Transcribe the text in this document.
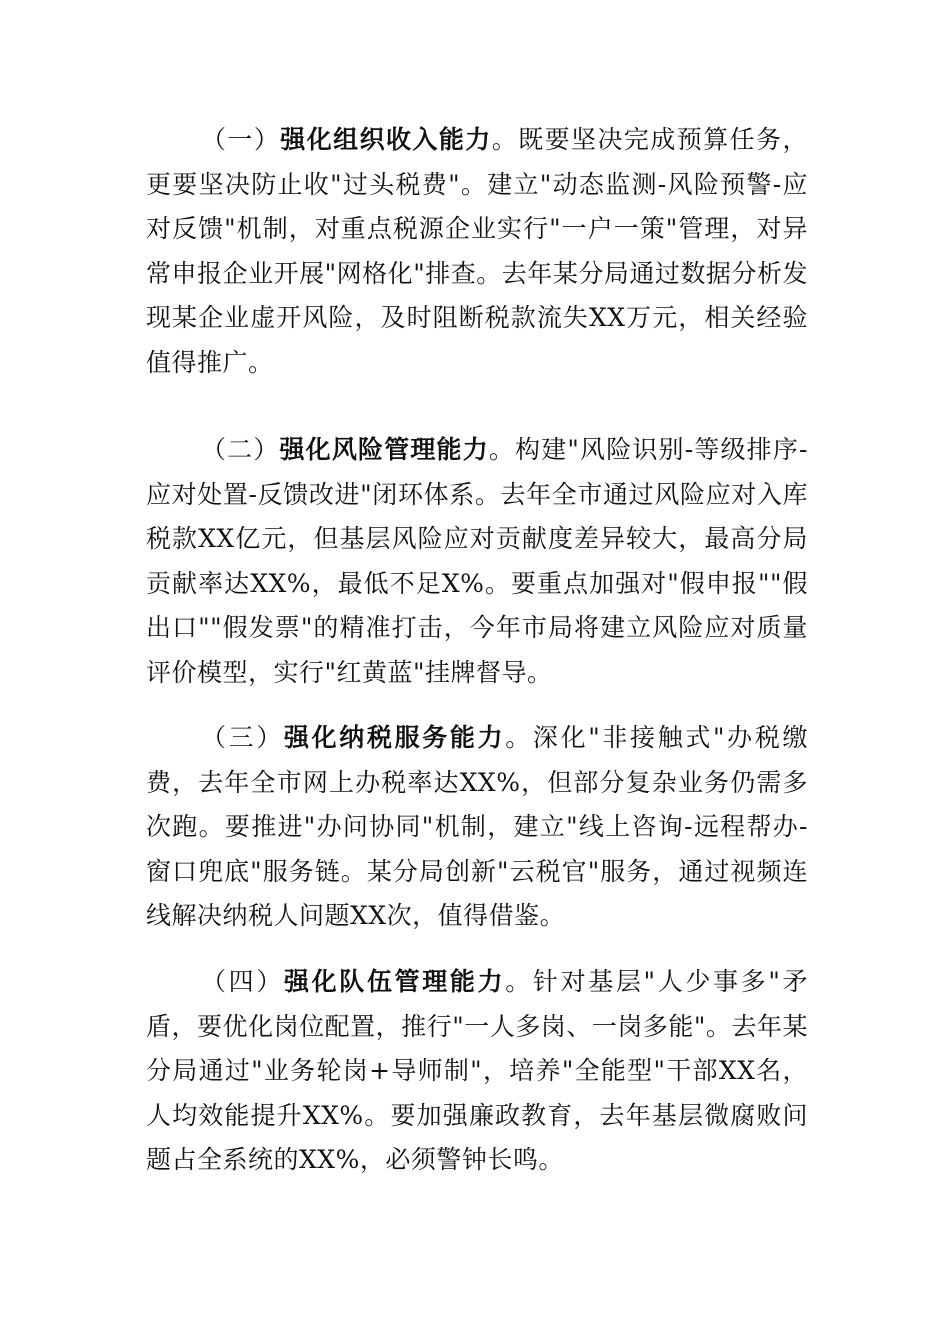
（一）强化组织收入能力。既要坚决完成预算任务，更要坚决防止收"过头税费"。建立"动态监测-风险预警-应对反馈"机制，对重点税源企业实行"一户一策"管理，对异常申报企业开展"网格化"排查。去年某分局通过数据分析发现某企业虚开风险，及时阻断税款流失XX万元，相关经验值得推广。

（二）强化风险管理能力。构建"风险识别-等级排序-应对处置-反馈改进"闭环体系。去年全市通过风险应对入库税款XX亿元，但基层风险应对贡献度差异较大，最高分局贡献率达XX%，最低不足X%。要重点加强对"假申报""假出口""假发票"的精准打击，今年市局将建立风险应对质量评价模型，实行"红黄蓝"挂牌督导。

（三）强化纳税服务能力。深化"非接触式"办税缴费，去年全市网上办税率达XX%，但部分复杂业务仍需多次跑。要推进"办问协同"机制，建立"线上咨询-远程帮办-窗口兜底"服务链。某分局创新"云税官"服务，通过视频连线解决纳税人问题XX次，值得借鉴。

（四）强化队伍管理能力。针对基层"人少事多"矛盾，要优化岗位配置，推行"一人多岗、一岗多能"。去年某分局通过"业务轮岗+导师制"，培养"全能型"干部XX名，人均效能提升XX%。要加强廉政教育，去年基层微腐败问题占全系统的XX%，必须警钟长鸣。
